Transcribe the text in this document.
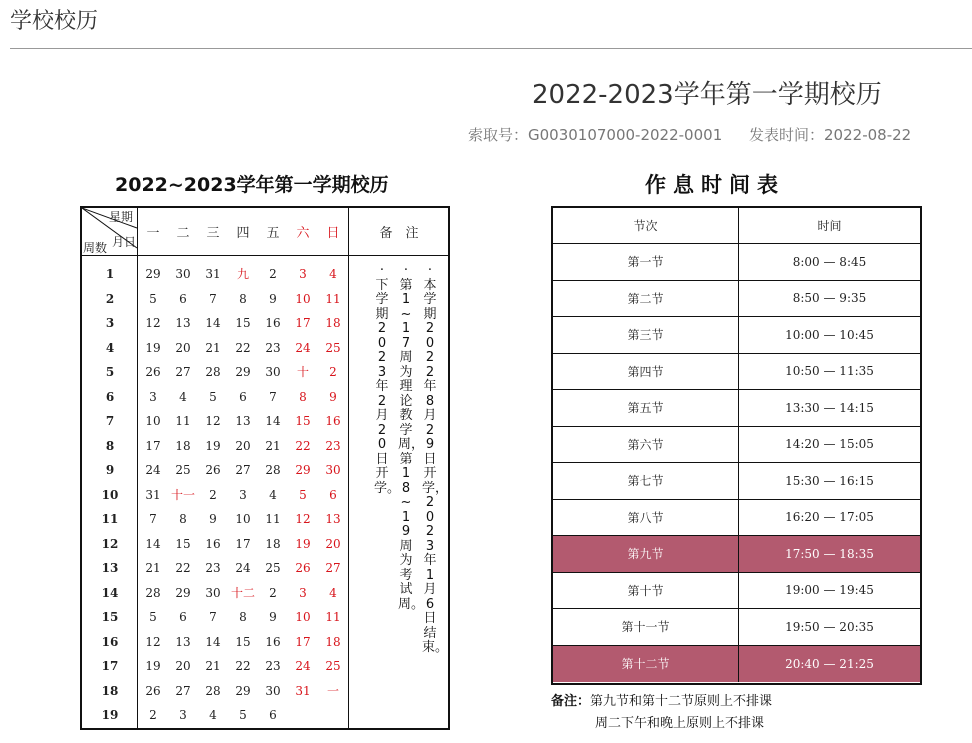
学校校历
2022-2023学年第一学期校历
索取号：G0030107000-2022-0001 发表时间：2022-08-22
2022~2023学年第一学期校历
星期
月日
周数
一	二	三	四	五	六	日	备　注
1	29	30	31	九	2	3	4
2	5	6	7	8	9	10	11
3	12	13	14	15	16	17	18
4	19	20	21	22	23	24	25
5	26	27	28	29	30	十	2
6	3	4	5	6	7	8	9
7	10	11	12	13	14	15	16
8	17	18	19	20	21	22	23
9	24	25	26	27	28	29	30
10	31 十一	2	3	4	5	6
11	7	8	9	10	11	12	13
12	14	15	16	17	18	19	20
13	21	22	23	24	25	26	27
14	28	29	30 十二	2	3	4
15	5	6	7	8	9	10	11
16	12	13	14	15	16	17	18
17	19	20	21	22	23	24	25
18	26	27	28	29	30	31	一
19	2	3	4	5	6
·本学期2022年8月29日开学，2023年1月6日结束。
·第1~17周为理论教学周，第18~19周为考试周。
·下学期2023年2月20日开学。
作息时间表
节次	时间
第一节	8:00 — 8:45
第二节	8:50 — 9:35
第三节	10:00 — 10:45
第四节	10:50 — 11:35
第五节	13:30 — 14:15
第六节	14:20 — 15:05
第七节	15:30 — 16:15
第八节	16:20 — 17:05
第九节	17:50 — 18:35
第十节	19:00 — 19:45
第十一节	19:50 — 20:35
第十二节	20:40 — 21:25
备注：第九节和第十二节原则上不排课
周二下午和晚上原则上不排课
